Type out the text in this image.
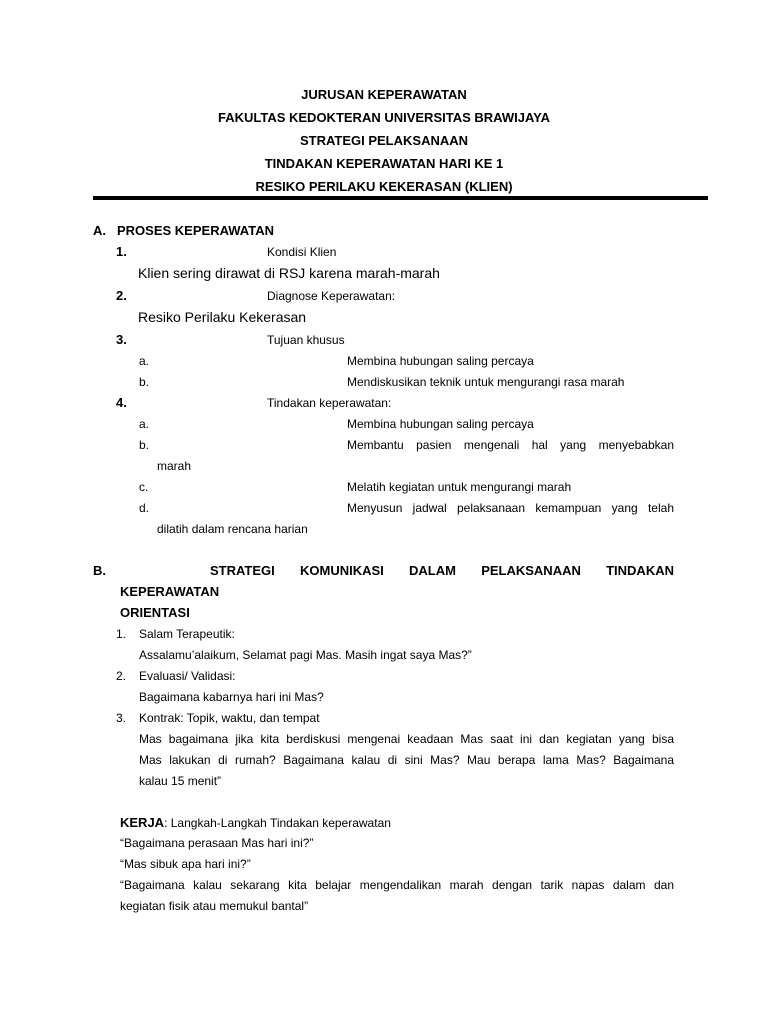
JURUSAN KEPERAWATAN
FAKULTAS KEDOKTERAN UNIVERSITAS BRAWIJAYA
STRATEGI PELAKSANAAN
TINDAKAN KEPERAWATAN HARI KE 1
RESIKO PERILAKU KEKERASAN (KLIEN)
A. PROSES KEPERAWATAN
1.	Kondisi Klien
Klien sering dirawat di RSJ karena marah-marah
2.	Diagnose Keperawatan:
Resiko Perilaku Kekerasan
3.	Tujuan khusus
a.	Membina hubungan saling percaya
b.	Mendiskusikan teknik untuk mengurangi rasa marah
4.	Tindakan keperawatan:
a.	Membina hubungan saling percaya
b.	Membantu pasien mengenali hal yang menyebabkan
marah
c.	Melatih kegiatan untuk mengurangi marah
d.	Menyusun jadwal pelaksanaan kemampuan yang telah
dilatih dalam rencana harian
B.	STRATEGI KOMUNIKASI DALAM PELAKSANAAN TINDAKAN
KEPERAWATAN
ORIENTASI
1. Salam Terapeutik:
Assalamu’alaikum, Selamat pagi Mas. Masih ingat saya Mas?”
2. Evaluasi/ Validasi:
Bagaimana kabarnya hari ini Mas?
3. Kontrak: Topik, waktu, dan tempat
Mas bagaimana jika kita berdiskusi mengenai keadaan Mas saat ini dan kegiatan yang bisa
Mas lakukan di rumah? Bagaimana kalau di sini Mas? Mau berapa lama Mas? Bagaimana
kalau 15 menit”
KERJA: Langkah-Langkah Tindakan keperawatan
“Bagaimana perasaan Mas hari ini?”
“Mas sibuk apa hari ini?”
“Bagaimana kalau sekarang kita belajar mengendalikan marah dengan tarik napas dalam dan
kegiatan fisik atau memukul bantal”
